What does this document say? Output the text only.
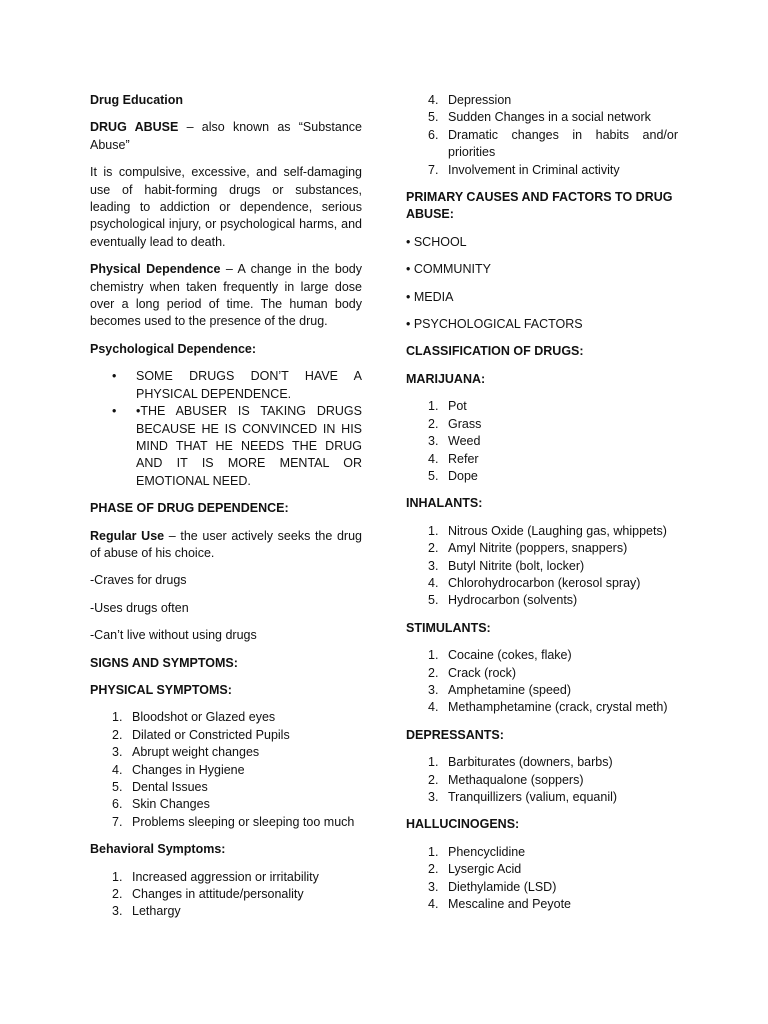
Drug Education

DRUG ABUSE – also known as “Substance Abuse”

It is compulsive, excessive, and self-damaging use of habit-forming drugs or substances, leading to addiction or dependence, serious psychological injury, or psychological harms, and eventually lead to death.

Physical Dependence – A change in the body chemistry when taken frequently in large dose over a long period of time. The human body becomes used to the presence of the drug.

Psychological Dependence:

•	SOME DRUGS DON’T HAVE A PHYSICAL DEPENDENCE.
•	•THE ABUSER IS TAKING DRUGS BECAUSE HE IS CONVINCED IN HIS MIND THAT HE NEEDS THE DRUG AND IT IS MORE MENTAL OR EMOTIONAL NEED.

PHASE OF DRUG DEPENDENCE:

Regular Use – the user actively seeks the drug of abuse of his choice.

-Craves for drugs

-Uses drugs often

-Can’t live without using drugs

SIGNS AND SYMPTOMS:

PHYSICAL SYMPTOMS:

1. Bloodshot or Glazed eyes
2. Dilated or Constricted Pupils
3. Abrupt weight changes
4. Changes in Hygiene
5. Dental Issues
6. Skin Changes
7. Problems sleeping or sleeping too much

Behavioral Symptoms:

1. Increased aggression or irritability
2. Changes in attitude/personality
3. Lethargy
4. Depression
5. Sudden Changes in a social network
6. Dramatic changes in habits and/or priorities
7. Involvement in Criminal activity

PRIMARY CAUSES AND FACTORS TO DRUG ABUSE:

• SCHOOL

• COMMUNITY

• MEDIA

• PSYCHOLOGICAL FACTORS

CLASSIFICATION OF DRUGS:

MARIJUANA:

1. Pot
2. Grass
3. Weed
4. Refer
5. Dope

INHALANTS:

1. Nitrous Oxide (Laughing gas, whippets)
2. Amyl Nitrite (poppers, snappers)
3. Butyl Nitrite (bolt, locker)
4. Chlorohydrocarbon (kerosol spray)
5. Hydrocarbon (solvents)

STIMULANTS:

1. Cocaine (cokes, flake)
2. Crack (rock)
3. Amphetamine (speed)
4. Methamphetamine (crack, crystal meth)

DEPRESSANTS:

1. Barbiturates (downers, barbs)
2. Methaqualone (soppers)
3. Tranquillizers (valium, equanil)

HALLUCINOGENS:

1. Phencyclidine
2. Lysergic Acid
3. Diethylamide (LSD)
4. Mescaline and Peyote
